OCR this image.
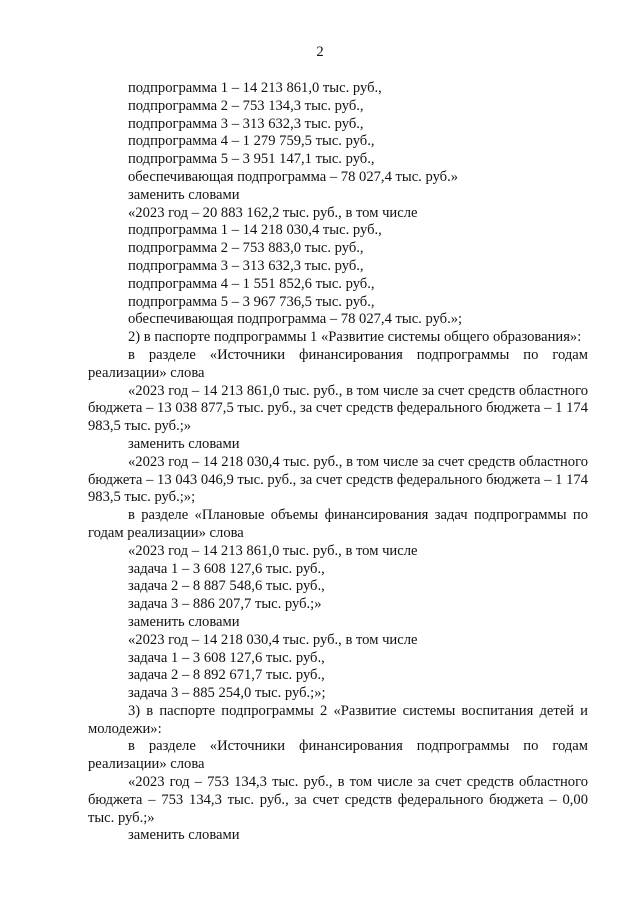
2

подпрограмма 1 – 14 213 861,0 тыс. руб.,

подпрограмма 2 – 753 134,3 тыс. руб.,

подпрограмма 3 – 313 632,3 тыс. руб.,

подпрограмма 4 – 1 279 759,5 тыс. руб.,

подпрограмма 5 – 3 951 147,1 тыс. руб.,

обеспечивающая подпрограмма – 78 027,4 тыс. руб.»

заменить словами

«2023 год – 20 883 162,2 тыс. руб., в том числе

подпрограмма 1 – 14 218 030,4 тыс. руб.,

подпрограмма 2 – 753 883,0 тыс. руб.,

подпрограмма 3 – 313 632,3 тыс. руб.,

подпрограмма 4 – 1 551 852,6 тыс. руб.,

подпрограмма 5 – 3 967 736,5 тыс. руб.,

обеспечивающая подпрограмма – 78 027,4 тыс. руб.»;

2) в паспорте подпрограммы 1 «Развитие системы общего образования»:

в разделе «Источники финансирования подпрограммы по годам реализации» слова

«2023 год – 14 213 861,0 тыс. руб., в том числе за счет средств областного бюджета – 13 038 877,5 тыс. руб., за счет средств федерального бюджета – 1 174 983,5 тыс. руб.;»

заменить словами

«2023 год – 14 218 030,4 тыс. руб., в том числе за счет средств областного бюджета – 13 043 046,9 тыс. руб., за счет средств федерального бюджета – 1 174 983,5 тыс. руб.;»;

в разделе «Плановые объемы финансирования задач подпрограммы по годам реализации» слова

«2023 год – 14 213 861,0 тыс. руб., в том числе

задача 1 – 3 608 127,6 тыс. руб.,

задача 2 – 8 887 548,6 тыс. руб.,

задача 3 – 886 207,7 тыс. руб.;»

заменить словами

«2023 год – 14 218 030,4 тыс. руб., в том числе

задача 1 – 3 608 127,6 тыс. руб.,

задача 2 – 8 892 671,7 тыс. руб.,

задача 3 – 885 254,0 тыс. руб.;»;

3) в паспорте подпрограммы 2 «Развитие системы воспитания детей и молодежи»:

в разделе «Источники финансирования подпрограммы по годам реализации» слова

«2023 год – 753 134,3 тыс. руб., в том числе за счет средств областного бюджета – 753 134,3 тыс. руб., за счет средств федерального бюджета – 0,00 тыс. руб.;»

заменить словами
